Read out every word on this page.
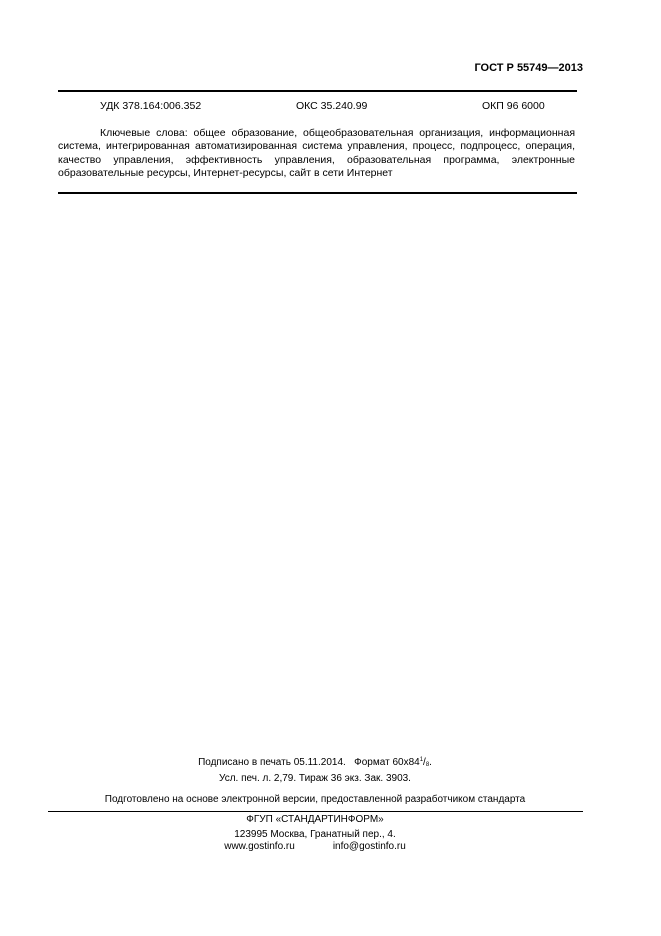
ГОСТ Р 55749—2013
УДК 378.164:006.352	ОКС 35.240.99	ОКП 96 6000
Ключевые слова: общее образование, общеобразовательная организация, информационная система, интегрированная автоматизированная система управления, процесс, подпроцесс, операция, качество управления, эффективность управления, образовательная программа, электронные образовательные ресурсы, Интернет-ресурсы, сайт в сети Интернет
Подписано в печать 05.11.2014. Формат $60х84^1/_8$.
Усл. печ. л. 2,79. Тираж 36 экз. Зак. 3903.
Подготовлено на основе электронной версии, предоставленной разработчиком стандарта
ФГУП «СТАНДАРТИНФОРМ»
123995 Москва, Гранатный пер., 4.
www.gostinfo.ru	info@gostinfo.ru
